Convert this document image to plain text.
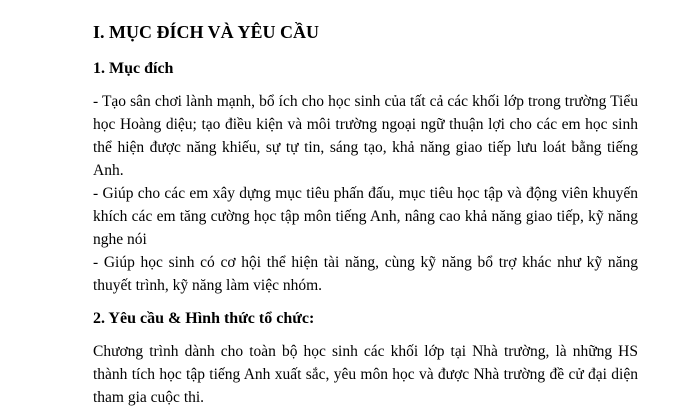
I. MỤC ĐÍCH VÀ YÊU CẦU
1. Mục đích

- Tạo sân chơi lành mạnh, bổ ích cho học sinh của tất cả các khối lớp trong trường Tiểu học Hoàng diệu; tạo điều kiện và môi trường ngoại ngữ thuận lợi cho các em học sinh thể hiện được năng khiếu, sự tự tin, sáng tạo, khả năng giao tiếp lưu loát bằng tiếng Anh.

- Giúp cho các em xây dựng mục tiêu phấn đấu, mục tiêu học tập và động viên khuyến khích các em tăng cường học tập môn tiếng Anh, nâng cao khả năng giao tiếp, kỹ năng nghe nói

- Giúp học sinh có cơ hội thể hiện tài năng, cùng kỹ năng bổ trợ khác như kỹ năng thuyết trình, kỹ năng làm việc nhóm.

2. Yêu cầu & Hình thức tổ chức:

Chương trình dành cho toàn bộ học sinh các khối lớp tại Nhà trường, là những HS thành tích học tập tiếng Anh xuất sắc, yêu môn học và được Nhà trường đề cử đại diện tham gia cuộc thi.
